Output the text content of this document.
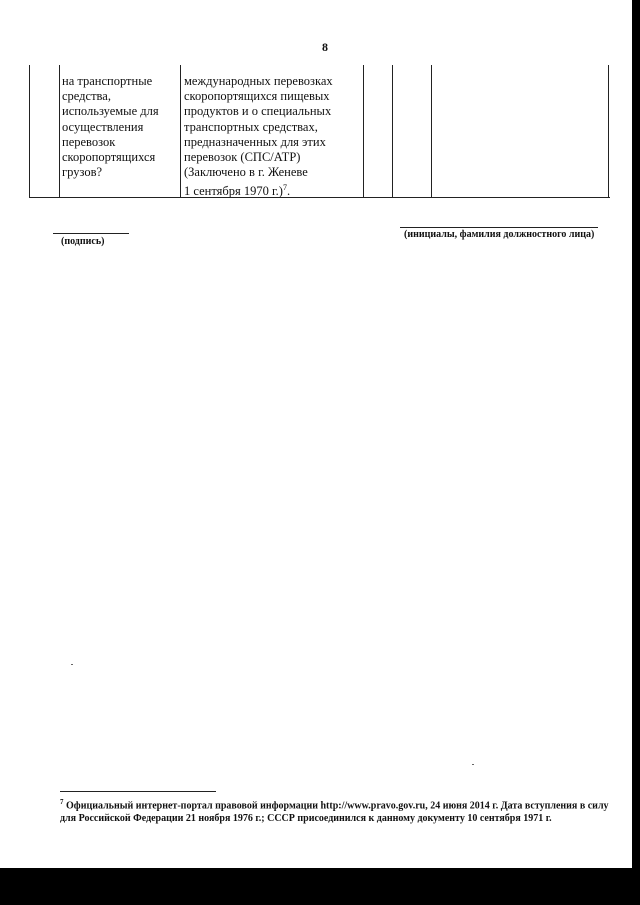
8
на транспортные
средства,
используемые для
осуществления
перевозок
скоропортящихся
грузов?
международных перевозках
скоропортящихся пищевых
продуктов и о специальных
транспортных средствах,
предназначенных для этих
перевозок (СПС/АТР)
(Заключено в г. Женеве
1 сентября 1970 г.)$^7$.
(подпись)
(инициалы, фамилия должностного лица)
$^7$ Официальный интернет-портал правовой информации http://www.pravo.gov.ru, 24 июня 2014 г. Дата вступления в силу для Российской Федерации 21 ноября 1976 г.; СССР присоединился к данному документу 10 сентября 1971 г.
